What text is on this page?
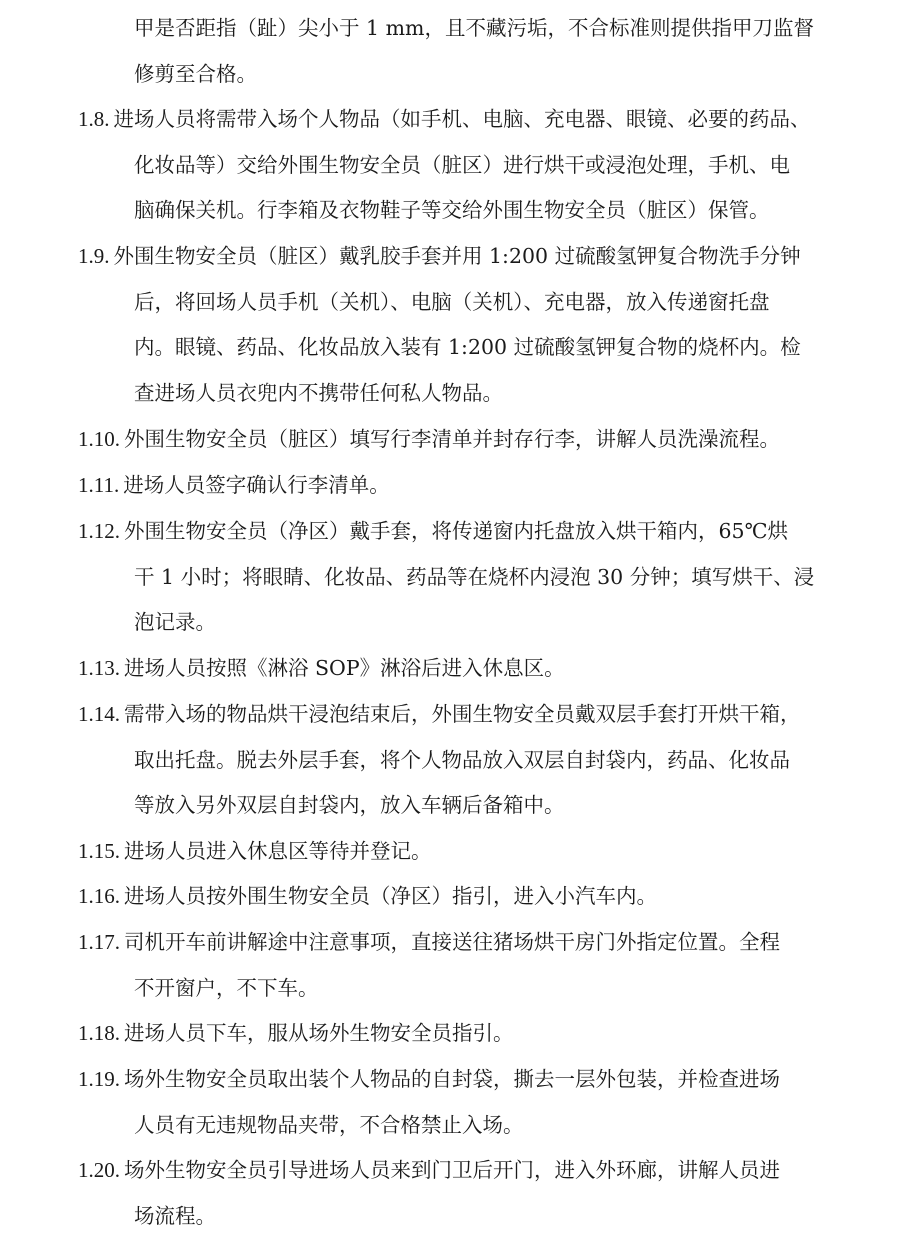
甲是否距指（趾）尖小于 1 mm，且不藏污垢，不合标准则提供指甲刀监督
修剪至合格。
1.8. 进场人员将需带入场个人物品（如手机、电脑、充电器、眼镜、必要的药品、
化妆品等）交给外围生物安全员（脏区）进行烘干或浸泡处理，手机、电
脑确保关机。行李箱及衣物鞋子等交给外围生物安全员（脏区）保管。
1.9. 外围生物安全员（脏区）戴乳胶手套并用 1:200 过硫酸氢钾复合物洗手分钟
后，将回场人员手机（关机）、电脑（关机）、充电器，放入传递窗托盘
内。眼镜、药品、化妆品放入装有 1:200 过硫酸氢钾复合物的烧杯内。检
查进场人员衣兜内不携带任何私人物品。
1.10. 外围生物安全员（脏区）填写行李清单并封存行李，讲解人员洗澡流程。
1.11. 进场人员签字确认行李清单。
1.12. 外围生物安全员（净区）戴手套，将传递窗内托盘放入烘干箱内，65℃烘
干 1 小时；将眼睛、化妆品、药品等在烧杯内浸泡 30 分钟；填写烘干、浸
泡记录。
1.13. 进场人员按照《淋浴 SOP》淋浴后进入休息区。
1.14. 需带入场的物品烘干浸泡结束后，外围生物安全员戴双层手套打开烘干箱，
取出托盘。脱去外层手套，将个人物品放入双层自封袋内，药品、化妆品
等放入另外双层自封袋内，放入车辆后备箱中。
1.15. 进场人员进入休息区等待并登记。
1.16. 进场人员按外围生物安全员（净区）指引，进入小汽车内。
1.17. 司机开车前讲解途中注意事项，直接送往猪场烘干房门外指定位置。全程
不开窗户，不下车。
1.18. 进场人员下车，服从场外生物安全员指引。
1.19. 场外生物安全员取出装个人物品的自封袋，撕去一层外包装，并检查进场
人员有无违规物品夹带，不合格禁止入场。
1.20. 场外生物安全员引导进场人员来到门卫后开门，进入外环廊，讲解人员进
场流程。
